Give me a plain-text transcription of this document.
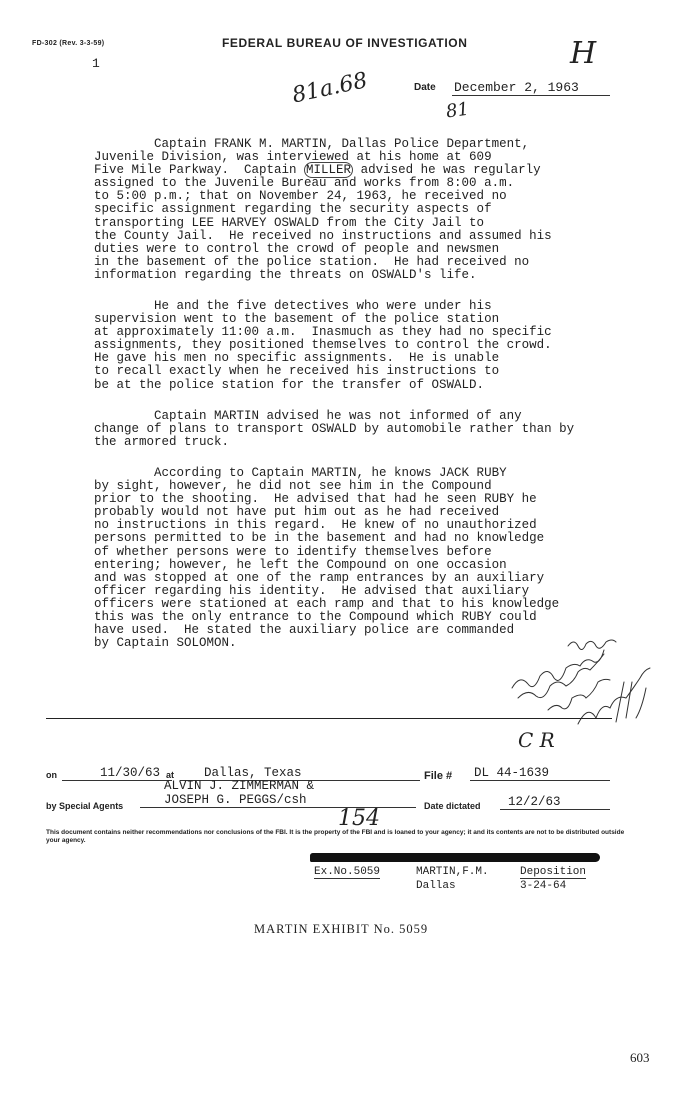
FD-302 (Rev. 3-3-59)	FEDERAL BUREAU OF INVESTIGATION
1	H
81a.68
81
Date December 2, 1963
Captain FRANK M. MARTIN, Dallas Police Department,
Juvenile Division, was interviewed at his home at 609
Five Mile Parkway.  Captain MILLER advised he was regularly
assigned to the Juvenile Bureau and works from 8:00 a.m.
to 5:00 p.m.; that on November 24, 1963, he received no
specific assignment regarding the security aspects of
transporting LEE HARVEY OSWALD from the City Jail to
the County Jail.  He received no instructions and assumed his
duties were to control the crowd of people and newsmen
in the basement of the police station.  He had received no
information regarding the threats on OSWALD's life.
He and the five detectives who were under his
supervision went to the basement of the police station
at approximately 11:00 a.m.  Inasmuch as they had no specific
assignments, they positioned themselves to control the crowd.
He gave his men no specific assignments.  He is unable
to recall exactly when he received his instructions to
be at the police station for the transfer of OSWALD.
Captain MARTIN advised he was not informed of any
change of plans to transport OSWALD by automobile rather than by
the armored truck.
According to Captain MARTIN, he knows JACK RUBY
by sight, however, he did not see him in the Compound
prior to the shooting.  He advised that had he seen RUBY he
probably would not have put him out as he had received
no instructions in this regard.  He knew of no unauthorized
persons permitted to be in the basement and had no knowledge
of whether persons were to identify themselves before
entering; however, he left the Compound on one occasion
and was stopped at one of the ramp entrances by an auxiliary
officer regarding his identity.  He advised that auxiliary
officers were stationed at each ramp and that to his knowledge
this was the only entrance to the Compound which RUBY could
have used.  He stated the auxiliary police are commanded
by Captain SOLOMON.
C R
on	11/30/63 at	Dallas, Texas	File #	DL 44-1639
ALVIN J. ZIMMERMAN &
by Special Agents	JOSEPH G. PEGGS/csh	Date dictated	12/2/63
154
This document contains neither recommendations nor conclusions of the FBI. It is the property of the FBI and is loaned to your agency; it and its contents are not to be distributed outside your agency.
Ex.No.5059	MARTIN,F.M.
Dallas
Deposition
3-24-64
MARTIN EXHIBIT No. 5059
603
